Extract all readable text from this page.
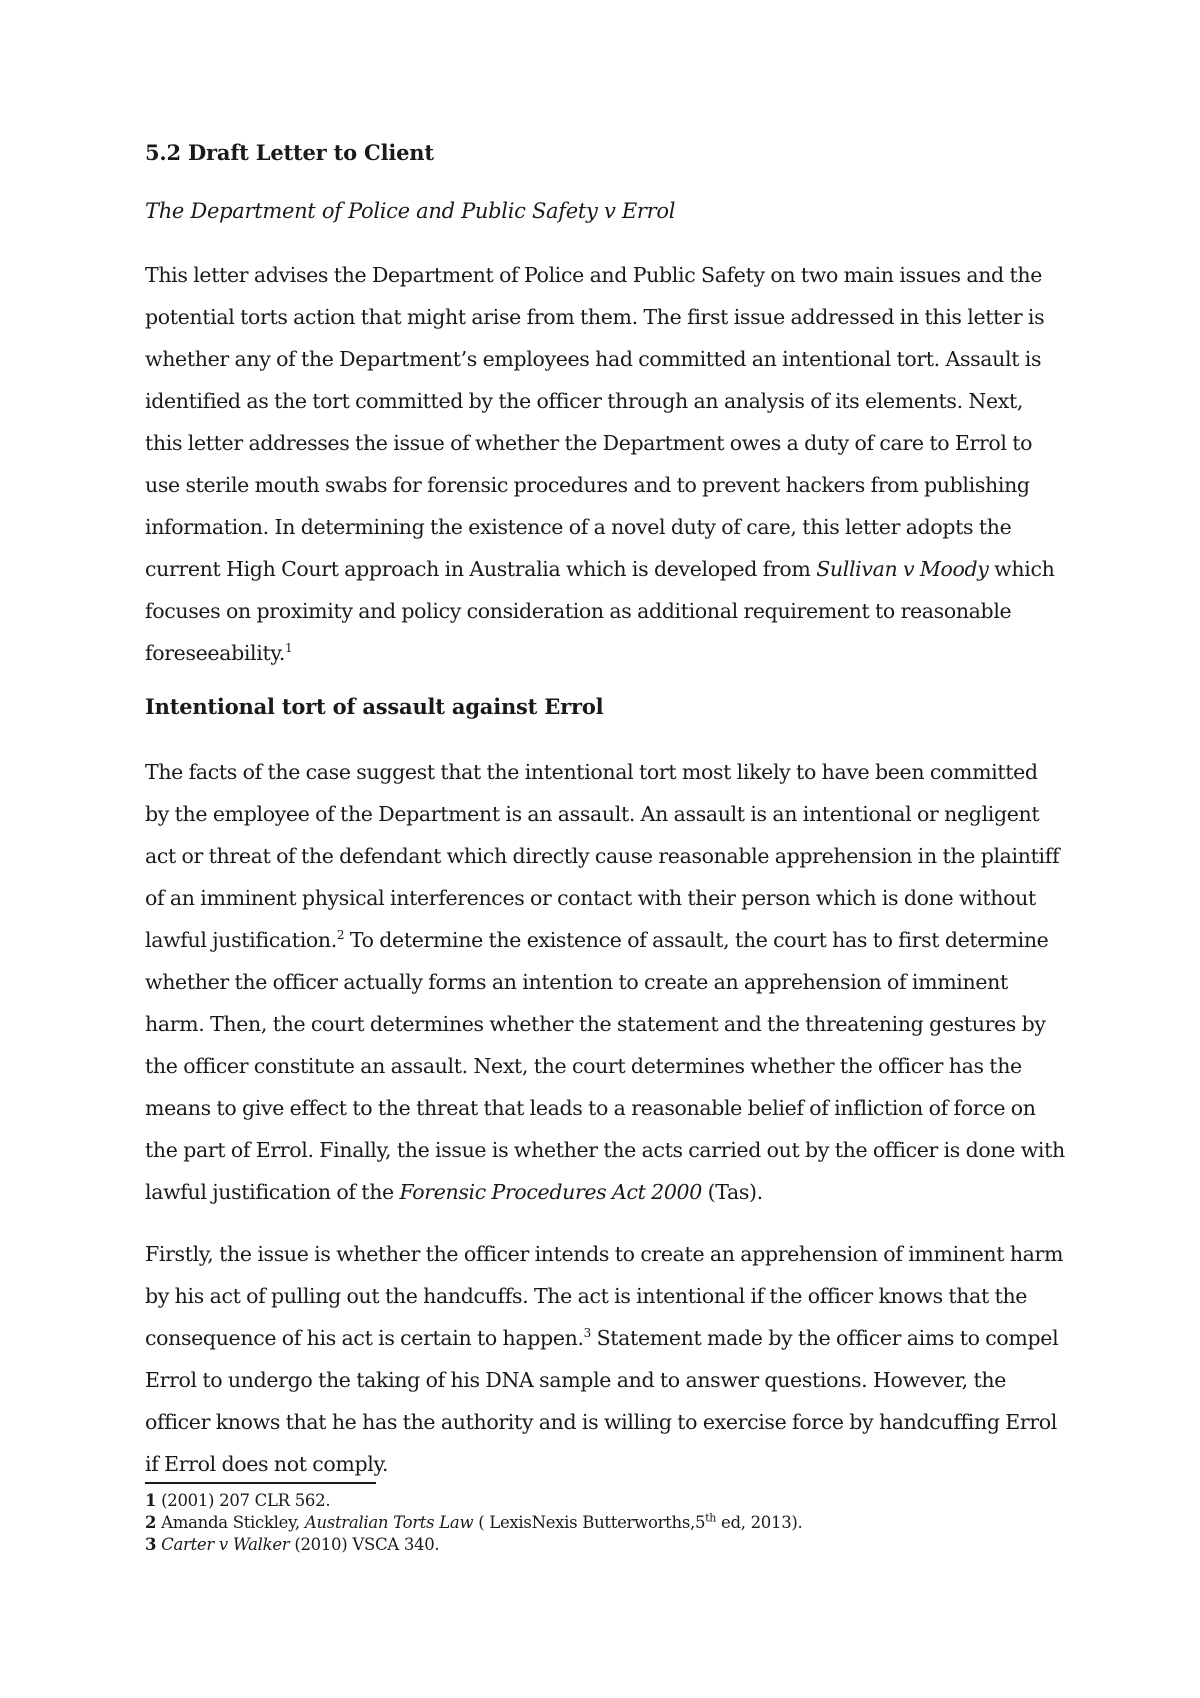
5.2 Draft Letter to Client
The Department of Police and Public Safety v Errol

This letter advises the Department of Police and Public Safety on two main issues and the potential torts action that might arise from them. The first issue addressed in this letter is whether any of the Department’s employees had committed an intentional tort. Assault is identified as the tort committed by the officer through an analysis of its elements. Next, this letter addresses the issue of whether the Department owes a duty of care to Errol to use sterile mouth swabs for forensic procedures and to prevent hackers from publishing information. In determining the existence of a novel duty of care, this letter adopts the current High Court approach in Australia which is developed from Sullivan v Moody which focuses on proximity and policy consideration as additional requirement to reasonable foreseeability.$^1$

Intentional tort of assault against Errol

The facts of the case suggest that the intentional tort most likely to have been committed by the employee of the Department is an assault. An assault is an intentional or negligent act or threat of the defendant which directly cause reasonable apprehension in the plaintiff of an imminent physical interferences or contact with their person which is done without lawful justification.$^2$ To determine the existence of assault, the court has to first determine whether the officer actually forms an intention to create an apprehension of imminent harm. Then, the court determines whether the statement and the threatening gestures by the officer constitute an assault. Next, the court determines whether the officer has the means to give effect to the threat that leads to a reasonable belief of infliction of force on the part of Errol. Finally, the issue is whether the acts carried out by the officer is done with lawful justification of the Forensic Procedures Act 2000 (Tas).

Firstly, the issue is whether the officer intends to create an apprehension of imminent harm by his act of pulling out the handcuffs. The act is intentional if the officer knows that the consequence of his act is certain to happen.$^3$ Statement made by the officer aims to compel Errol to undergo the taking of his DNA sample and to answer questions. However, the officer knows that he has the authority and is willing to exercise force by handcuffing Errol if Errol does not comply.

1 (2001) 207 CLR 562.

2 Amanda Stickley, Australian Torts Law ( LexisNexis Butterworths,5th ed, 2013).

3 Carter v Walker (2010) VSCA 340.
